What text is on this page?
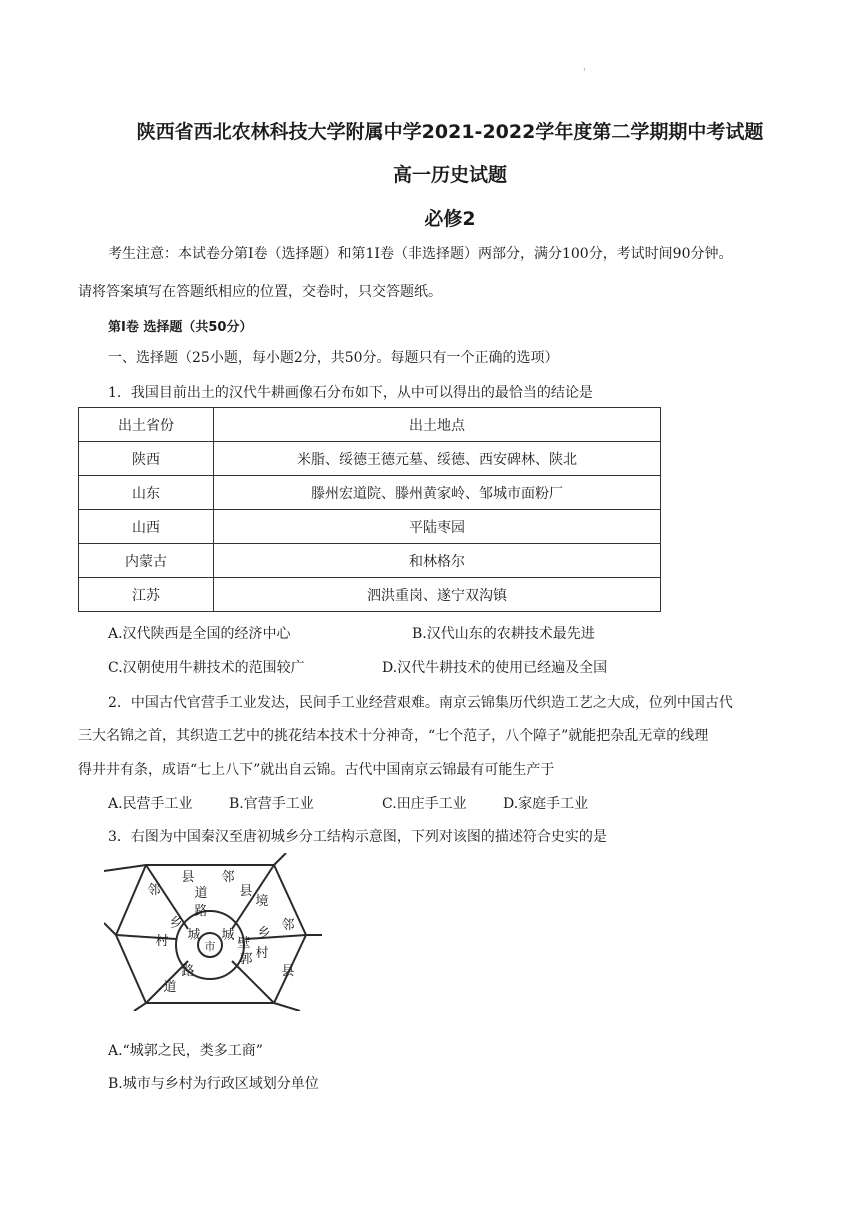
'
陕西省西北农林科技大学附属中学2021-2022学年度第二学期期中考试题
高一历史试题
必修2
考生注意：本试卷分第Ⅰ卷（选择题）和第1Ⅰ卷（非选择题）两部分，满分100分，考试时间90分钟。
请将答案填写在答题纸相应的位置，交卷时，只交答题纸。
第Ⅰ卷 选择题（共50分）
一、选择题（25小题，每小题2分，共50分。每题只有一个正确的选项）
1．我国目前出土的汉代牛耕画像石分布如下，从中可以得出的最恰当的结论是
出土省份	出土地点
陕西	米脂、绥德王德元墓、绥德、西安碑林、陕北
山东	滕州宏道院、滕州黄家岭、邹城市面粉厂
山西	平陆枣园
内蒙古	和林格尔
江苏	泗洪重岗、遂宁双沟镇
A.汉代陕西是全国的经济中心	B.汉代山东的农耕技术最先进
C.汉朝使用牛耕技术的范围较广	D.汉代牛耕技术的使用已经遍及全国
2．中国古代官营手工业发达，民间手工业经营艰难。南京云锦集历代织造工艺之大成，位列中国古代
三大名锦之首，其织造工艺中的挑花结本技术十分神奇，“七个范子，八个障子”就能把杂乱无章的线理
得井井有条，成语“七上八下”就出自云锦。古代中国南京云锦最有可能生产于
A.民营手工业	B.官营手工业	C.田庄手工业	D.家庭手工业
3．右图为中国秦汉至唐初城乡分工结构示意图，下列对该图的描述符合史实的是
邻
县
道
路
邻
县
境
乡
村 城
市
城
壁
郭
乡
村
邻
县
道
路
A.“城郭之民，类多工商”
B.城市与乡村为行政区域划分单位
